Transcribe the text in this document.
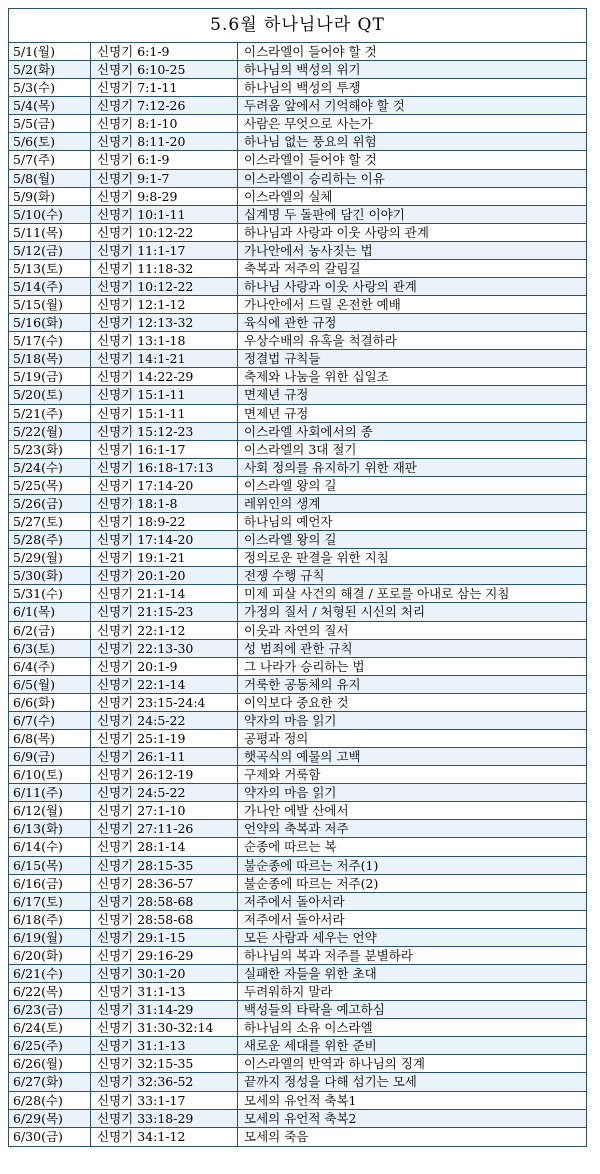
5.6월 하나님나라 QT
5/1(월)	신명기 6:1-9	이스라엘이 들어야 할 것
5/2(화)	신명기 6:10-25	하나님의 백성의 위기
5/3(수)	신명기 7:1-11	하나님의 백성의 투쟁
5/4(목)	신명기 7:12-26	두려움 앞에서 기억해야 할 것
5/5(금)	신명기 8:1-10	사람은 무엇으로 사는가
5/6(토)	신명기 8:11-20	하나님 없는 풍요의 위험
5/7(주)	신명기 6:1-9	이스라엘이 들어야 할 것
5/8(월)	신명기 9:1-7	이스라엘이 승리하는 이유
5/9(화)	신명기 9:8-29	이스라엘의 실체
5/10(수)	신명기 10:1-11	십계명 두 돌판에 담긴 이야기
5/11(목)	신명기 10:12-22	하나님과 사랑과 이웃 사랑의 관계
5/12(금)	신명기 11:1-17	가나안에서 농사짓는 법
5/13(토)	신명기 11:18-32	축복과 저주의 갈림길
5/14(주)	신명기 10:12-22	하나님 사랑과 이웃 사랑의 관계
5/15(월)	신명기 12:1-12	가나안에서 드릴 온전한 예배
5/16(화)	신명기 12:13-32	육식에 관한 규정
5/17(수)	신명기 13:1-18	우상수배의 유혹을 척결하라
5/18(목)	신명기 14:1-21	정결법 규칙들
5/19(금)	신명기 14:22-29	축제와 나눔을 위한 십일조
5/20(토)	신명기 15:1-11	면제년 규정
5/21(주)	신명기 15:1-11	면제년 규정
5/22(월)	신명기 15:12-23	이스라엘 사회에서의 종
5/23(화)	신명기 16:1-17	이스라엘의 3대 절기
5/24(수)	신명기 16:18-17:13	사회 정의를 유지하기 위한 재판
5/25(목)	신명기 17:14-20	이스라엘 왕의 길
5/26(금)	신명기 18:1-8	레위인의 생계
5/27(토)	신명기 18:9-22	하나님의 예언자
5/28(주)	신명기 17:14-20	이스라엘 왕의 길
5/29(월)	신명기 19:1-21	정의로운 판결을 위한 지침
5/30(화)	신명기 20:1-20	전쟁 수행 규칙
5/31(수)	신명기 21:1-14	미제 피살 사건의 해결 / 포로를 아내로 삼는 지침
6/1(목)	신명기 21:15-23	가정의 질서 / 처형된 시신의 처리
6/2(금)	신명기 22:1-12	이웃과 자연의 질서
6/3(토)	신명기 22:13-30	성 범죄에 관한 규칙
6/4(주)	신명기 20:1-9	그 나라가 승리하는 법
6/5(월)	신명기 22:1-14	거룩한 공동체의 유지
6/6(화)	신명기 23:15-24:4	이익보다 중요한 것
6/7(수)	신명기 24:5-22	약자의 마음 읽기
6/8(목)	신명기 25:1-19	공평과 정의
6/9(금)	신명기 26:1-11	햇곡식의 예물의 고백
6/10(토)	신명기 26:12-19	구제와 거룩함
6/11(주)	신명기 24:5-22	약자의 마음 읽기
6/12(월)	신명기 27:1-10	가나안 에발 산에서
6/13(화)	신명기 27:11-26	언약의 축복과 저주
6/14(수)	신명기 28:1-14	순종에 따르는 복
6/15(목)	신명기 28:15-35	불순종에 따르는 저주(1)
6/16(금)	신명기 28:36-57	불순종에 따르는 저주(2)
6/17(토)	신명기 28:58-68	저주에서 돌아서라
6/18(주)	신명기 28:58-68	저주에서 돌아서라
6/19(월)	신명기 29:1-15	모든 사람과 세우는 언약
6/20(화)	신명기 29:16-29	하나님의 복과 저주를 분별하라
6/21(수)	신명기 30:1-20	실패한 자들을 위한 초대
6/22(목)	신명기 31:1-13	두려워하지 말라
6/23(금)	신명기 31:14-29	백성들의 타락을 예고하심
6/24(토)	신명기 31:30-32:14	하나님의 소유 이스라엘
6/25(주)	신명기 31:1-13	새로운 세대를 위한 준비
6/26(월)	신명기 32:15-35	이스라엘의 반역과 하나님의 징계
6/27(화)	신명기 32:36-52	끝까지 정성을 다해 섬기는 모세
6/28(수)	신명기 33:1-17	모세의 유언적 축복1
6/29(목)	신명기 33:18-29	모세의 유언적 축복2
6/30(금)	신명기 34:1-12	모세의 죽음
